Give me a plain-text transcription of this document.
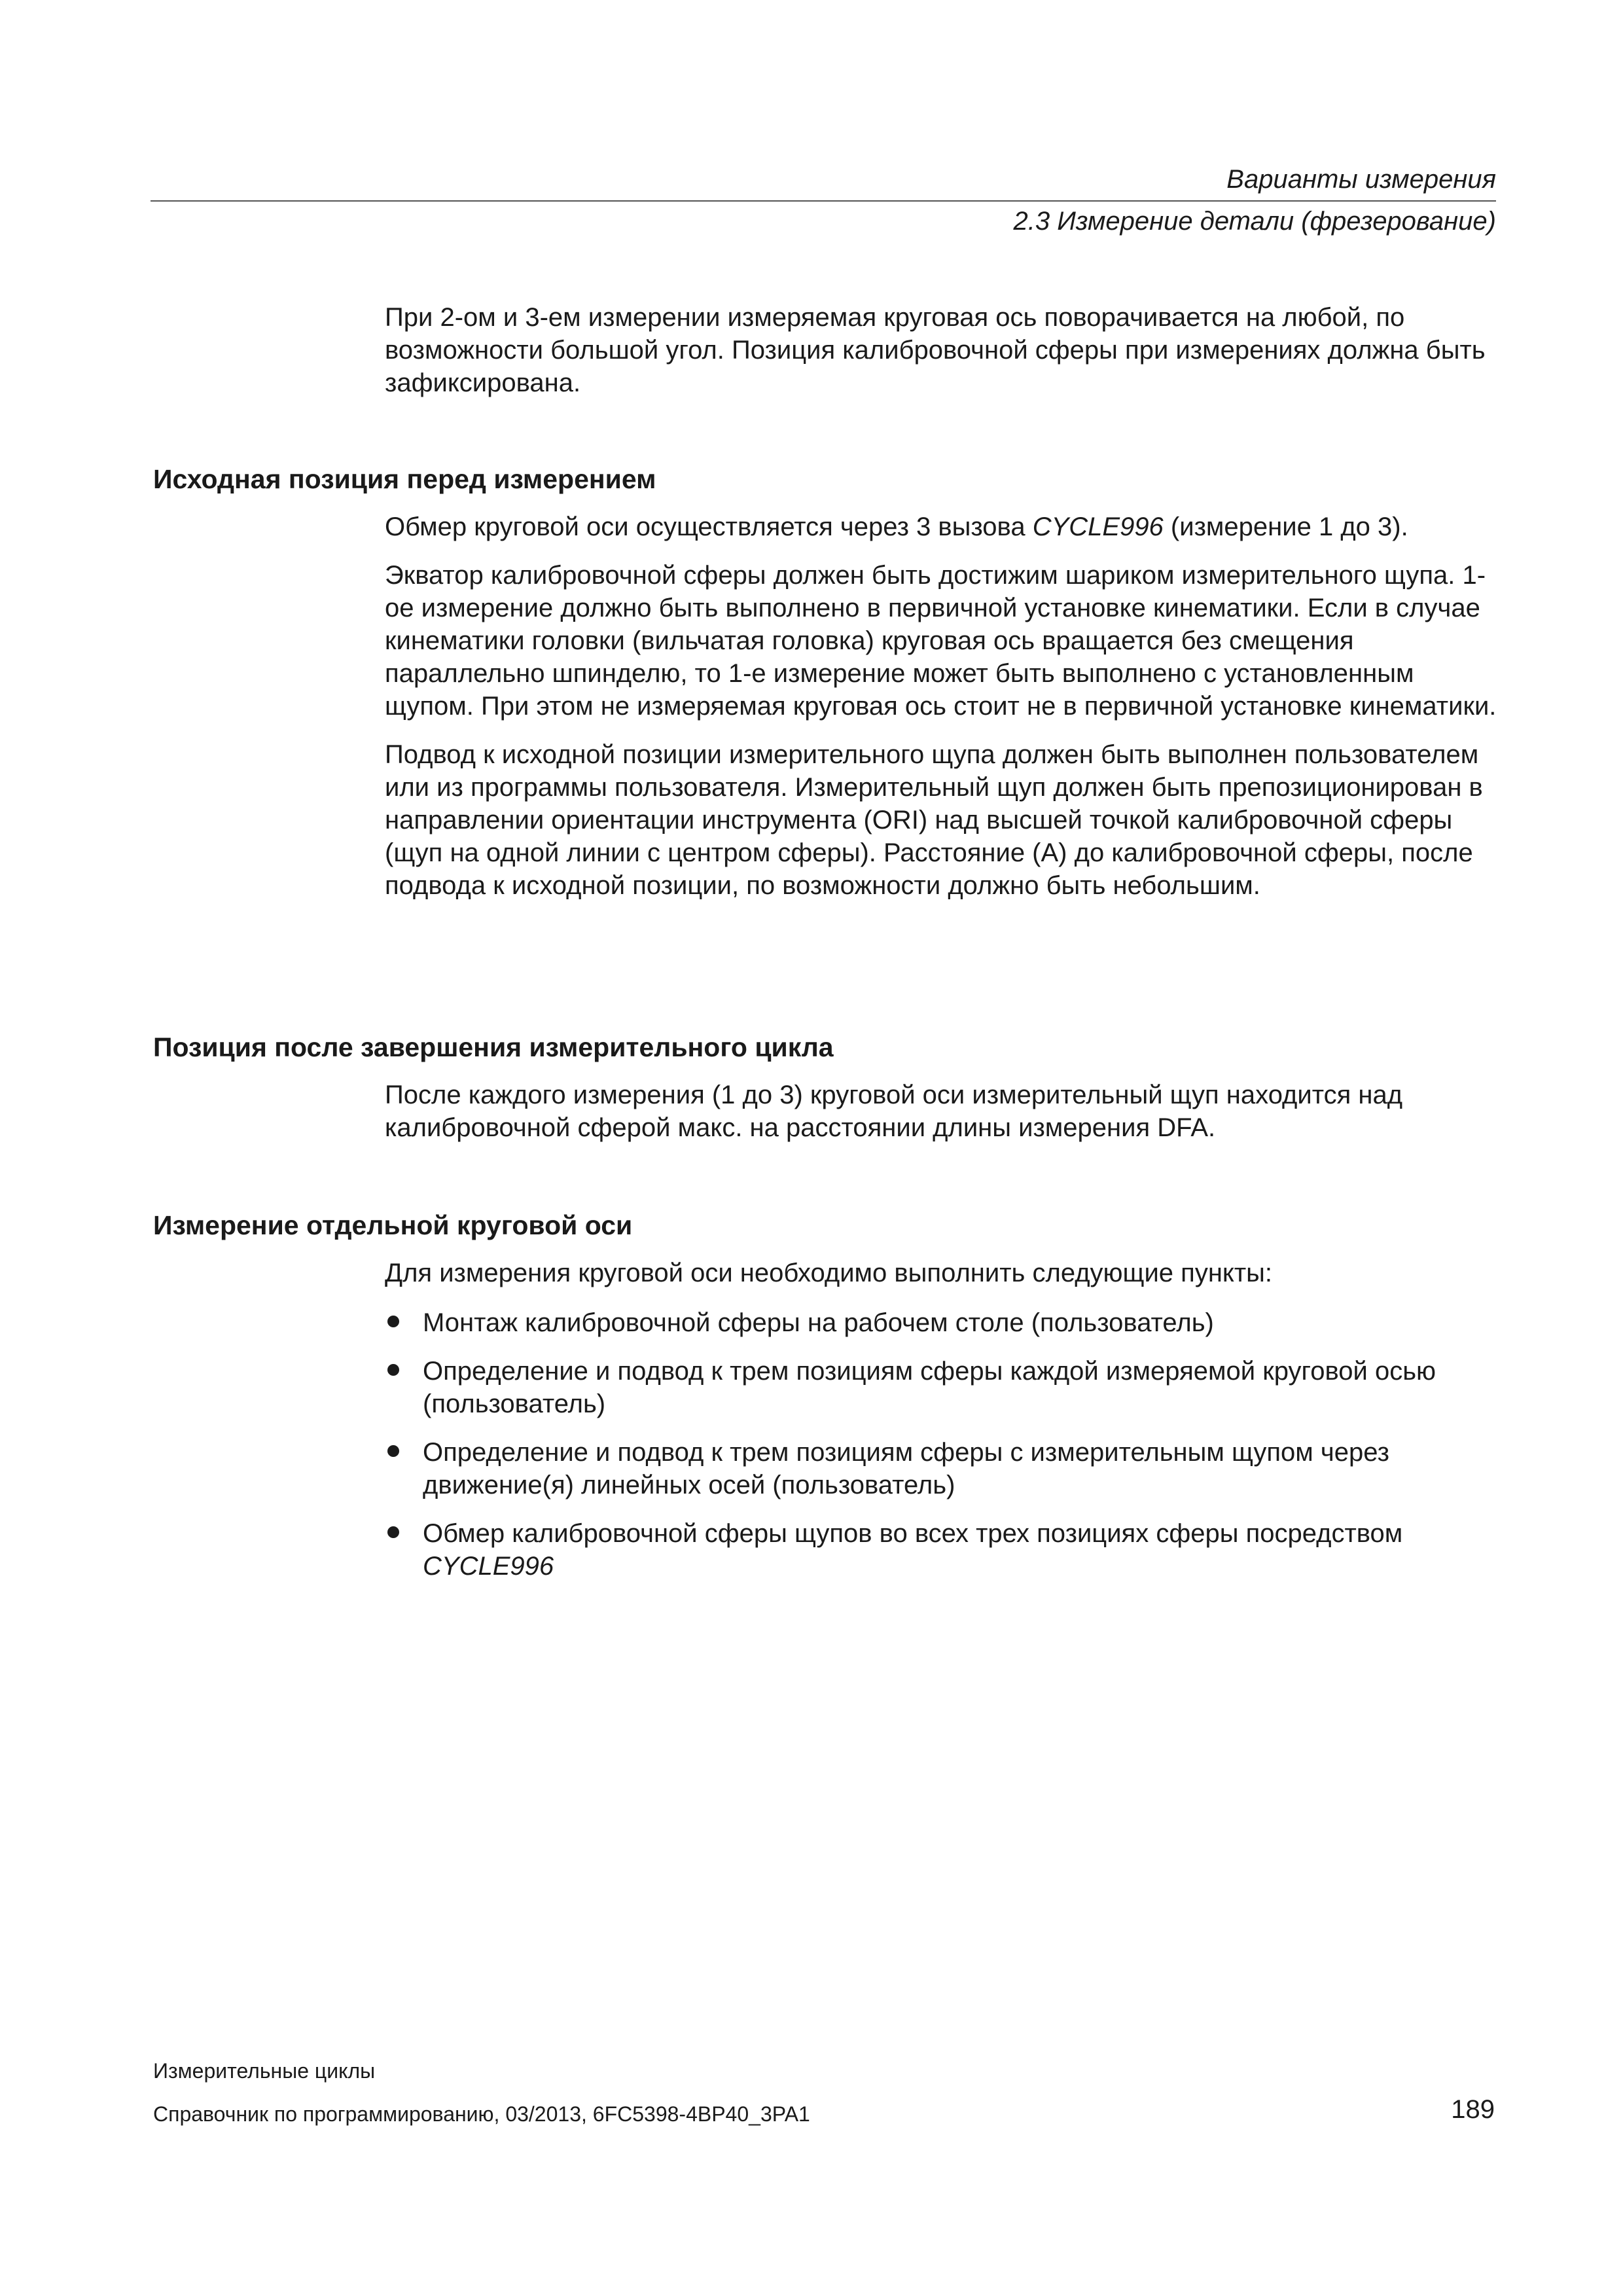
Варианты измерения
2.3 Измерение детали (фрезерование)

При 2-ом и 3-ем измерении измеряемая круговая ось поворачивается на любой, по возможности большой угол. Позиция калибровочной сферы при измерениях должна быть зафиксирована.

Исходная позиция перед измерением

Обмер круговой оси осуществляется через 3 вызова CYCLE996 (измерение 1 до 3).

Экватор калибровочной сферы должен быть достижим шариком измерительного щупа. 1-ое измерение должно быть выполнено в первичной установке кинематики. Если в случае кинематики головки (вильчатая головка) круговая ось вращается без смещения параллельно шпинделю, то 1-е измерение может быть выполнено с установленным щупом. При этом не измеряемая круговая ось стоит не в первичной установке кинематики.

Подвод к исходной позиции измерительного щупа должен быть выполнен пользователем или из программы пользователя. Измерительный щуп должен быть препозиционирован в направлении ориентации инструмента (ORI) над высшей точкой калибровочной сферы (щуп на одной линии с центром сферы). Расстояние (A) до калибровочной сферы, после подвода к исходной позиции, по возможности должно быть небольшим.

Позиция после завершения измерительного цикла

После каждого измерения (1 до 3) круговой оси измерительный щуп находится над калибровочной сферой макс. на расстоянии длины измерения DFA.

Измерение отдельной круговой оси

Для измерения круговой оси необходимо выполнить следующие пункты:

Монтаж калибровочной сферы на рабочем столе (пользователь)
Определение и подвод к трем позициям сферы каждой измеряемой круговой осью (пользователь)
Определение и подвод к трем позициям сферы с измерительным щупом через движение(я) линейных осей (пользователь)
Обмер калибровочной сферы щупов во всех трех позициях сферы посредством
CYCLE996
Измерительные циклы
Справочник по программированию, 03/2013, 6FC5398-4BP40_3PA1	189
